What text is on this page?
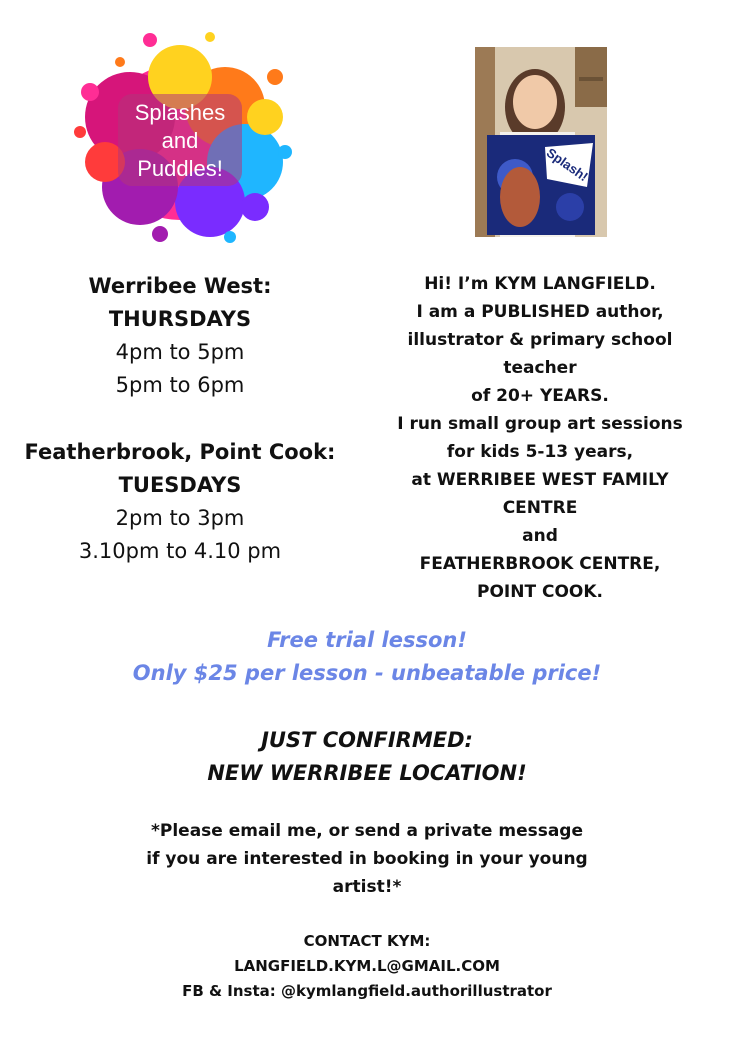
Splashes
and
Puddles!	Splash!
Werribee West:
THURSDAYS
4pm to 5pm
5pm to 6pm
Featherbrook, Point Cook:
TUESDAYS
2pm to 3pm
3.10pm to 4.10 pm
Hi! I’m KYM LANGFIELD.
I am a PUBLISHED author,
illustrator & primary school
teacher
of 20+ YEARS.
I run small group art sessions
for kids 5-13 years,
at WERRIBEE WEST FAMILY
CENTRE
and
FEATHERBROOK CENTRE,
POINT COOK.
Free trial lesson!
Only $25 per lesson - unbeatable price!
JUST CONFIRMED:
NEW WERRIBEE LOCATION!
*Please email me, or send a private message
if you are interested in booking in your young
artist!*
CONTACT KYM:
LANGFIELD.KYM.L@GMAIL.COM
FB & Insta: @kymlangfield.authorillustrator
